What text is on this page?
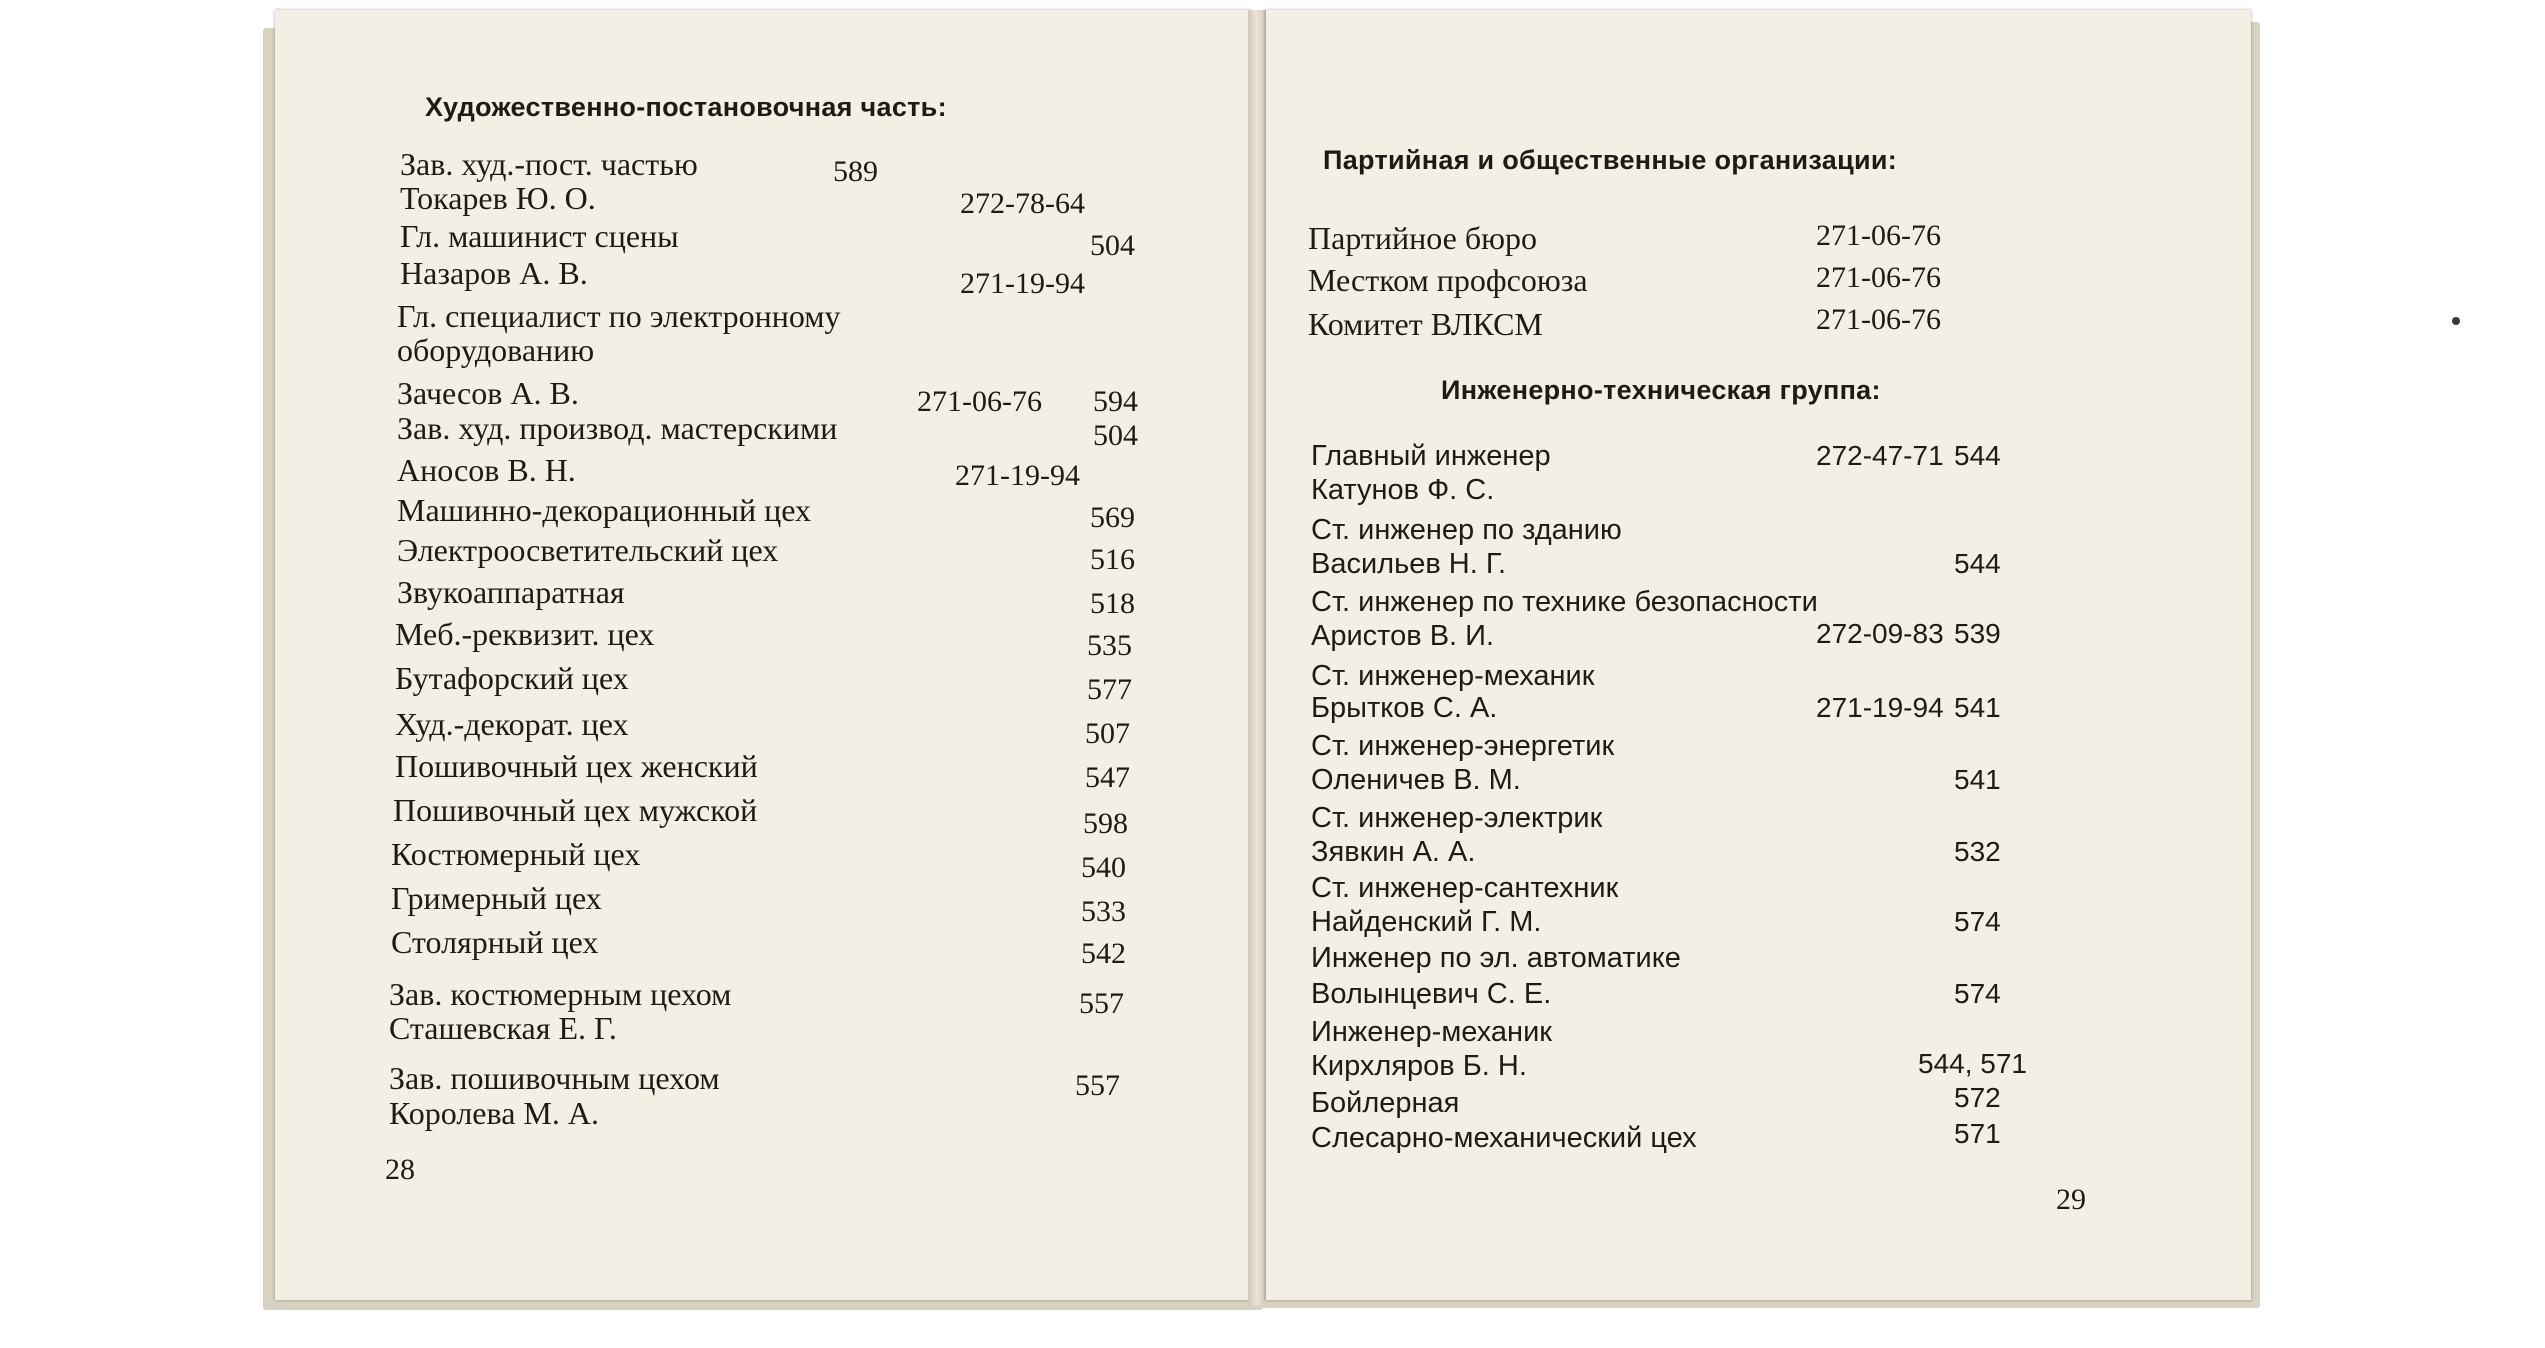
Художественно-постановочная часть:
Зав. худ.-пост. частью	589
Токарев Ю. О.	272-78-64
Гл. машинист сцены	504
Назаров А. В.	271-19-94
Гл. специалист по электронному
оборудованию
Зачесов А. В.	271-06-76 594
Зав. худ. производ. мастерскими	504
Аносов В. Н.	271-19-94
Машинно-декорационный цех	569
Электроосветительский цех	516
Звукоаппаратная	518
Меб.-реквизит. цех	535
Бутафорский цех	577
Худ.-декорат. цех	507
Пошивочный цех женский	547
Пошивочный цех мужской	598
Костюмерный цех	540
Гримерный цех	533
Столярный цех	542
Зав. костюмерным цехом	557
Сташевская Е. Г.
Зав. пошивочным цехом	557
Королева М. А.
28
Партийная и общественные организации:
Партийное бюро	271-06-76
Местком профсоюза	271-06-76
Комитет ВЛКСМ	271-06-76
Инженерно-техническая группа:
Главный инженер	272-47-71 544
Катунов Ф. С.
Ст. инженер по зданию
Васильев Н. Г.	544
Ст. инженер по технике безопасности
Аристов В. И.	272-09-83 539
Ст. инженер-механик
Брытков С. А.	271-19-94 541
Ст. инженер-энергетик
Оленичев В. М.	541
Ст. инженер-электрик
Зявкин А. А.	532
Ст. инженер-сантехник
Найденский Г. М.	574
Инженер по эл. автоматике
Волынцевич С. Е.	574
Инженер-механик
Кирхляров Б. Н.	544, 571
Бойлерная	572
Слесарно-механический цех	571
29
